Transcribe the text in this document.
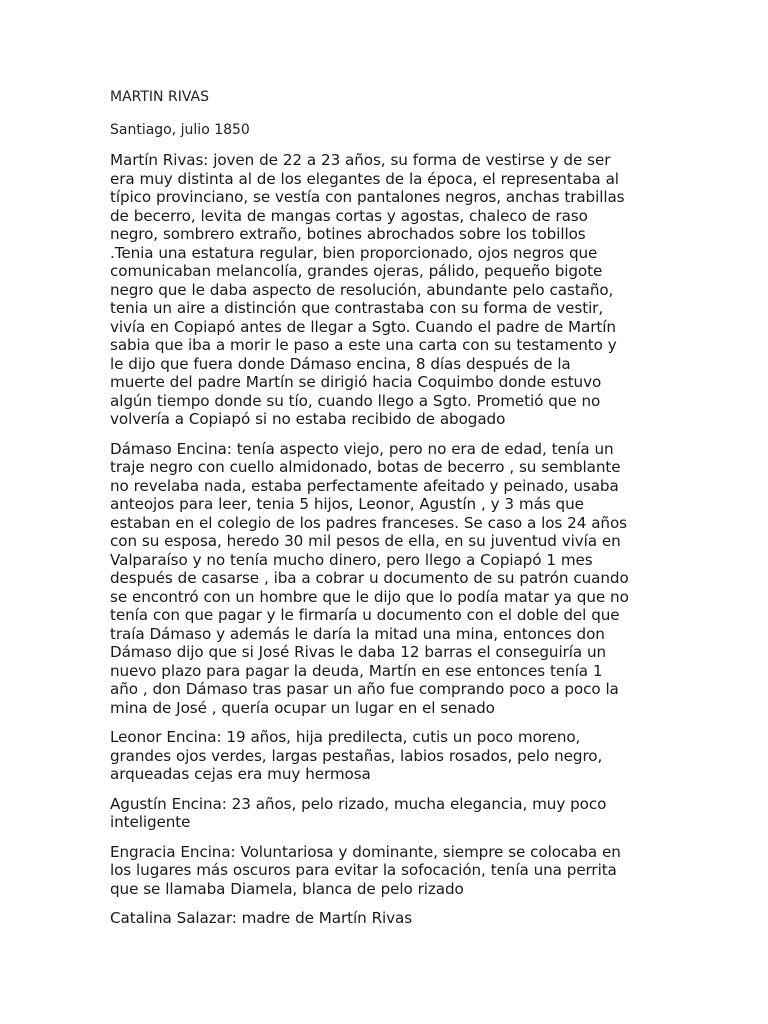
MARTIN RIVAS

Santiago, julio 1850

Martín Rivas: joven de 22 a 23 años, su forma de vestirse y de ser era muy distinta al de los elegantes de la época, el representaba al típico provinciano, se vestía con pantalones negros, anchas trabillas de becerro, levita de mangas cortas y agostas, chaleco de raso negro, sombrero extraño, botines abrochados sobre los tobillos .Tenia una estatura regular, bien proporcionado, ojos negros que comunicaban melancolía, grandes ojeras, pálido, pequeño bigote negro que le daba aspecto de resolución, abundante pelo castaño, tenia un aire a distinción que contrastaba con su forma de vestir, vivía en Copiapó antes de llegar a Sgto. Cuando el padre de Martín sabia que iba a morir le paso a este una carta con su testamento y le dijo que fuera donde Dámaso encina, 8 días después de la muerte del padre Martín se dirigió hacia Coquimbo donde estuvo algún tiempo donde su tío, cuando llego a Sgto. Prometió que no volvería a Copiapó si no estaba recibido de abogado

Dámaso Encina: tenía aspecto viejo, pero no era de edad, tenía un traje negro con cuello almidonado, botas de becerro , su semblante no revelaba nada, estaba perfectamente afeitado y peinado, usaba anteojos para leer, tenia 5 hijos, Leonor, Agustín , y 3 más que estaban en el colegio de los padres franceses. Se caso a los 24 años con su esposa, heredo 30 mil pesos de ella, en su juventud vivía en Valparaíso y no tenía mucho dinero, pero llego a Copiapó 1 mes después de casarse , iba a cobrar u documento de su patrón cuando se encontró con un hombre que le dijo que lo podía matar ya que no tenía con que pagar y le firmaría u documento con el doble del que traía Dámaso y además le daría la mitad una mina, entonces don Dámaso dijo que si José Rivas le daba 12 barras el conseguiría un nuevo plazo para pagar la deuda, Martín en ese entonces tenía 1 año , don Dámaso tras pasar un año fue comprando poco a poco la mina de José , quería ocupar un lugar en el senado

Leonor Encina: 19 años, hija predilecta, cutis un poco moreno, grandes ojos verdes, largas pestañas, labios rosados, pelo negro, arqueadas cejas era muy hermosa

Agustín Encina: 23 años, pelo rizado, mucha elegancia, muy poco inteligente

Engracia Encina: Voluntariosa y dominante, siempre se colocaba en los lugares más oscuros para evitar la sofocación, tenía una perrita que se llamaba Diamela, blanca de pelo rizado

Catalina Salazar: madre de Martín Rivas
